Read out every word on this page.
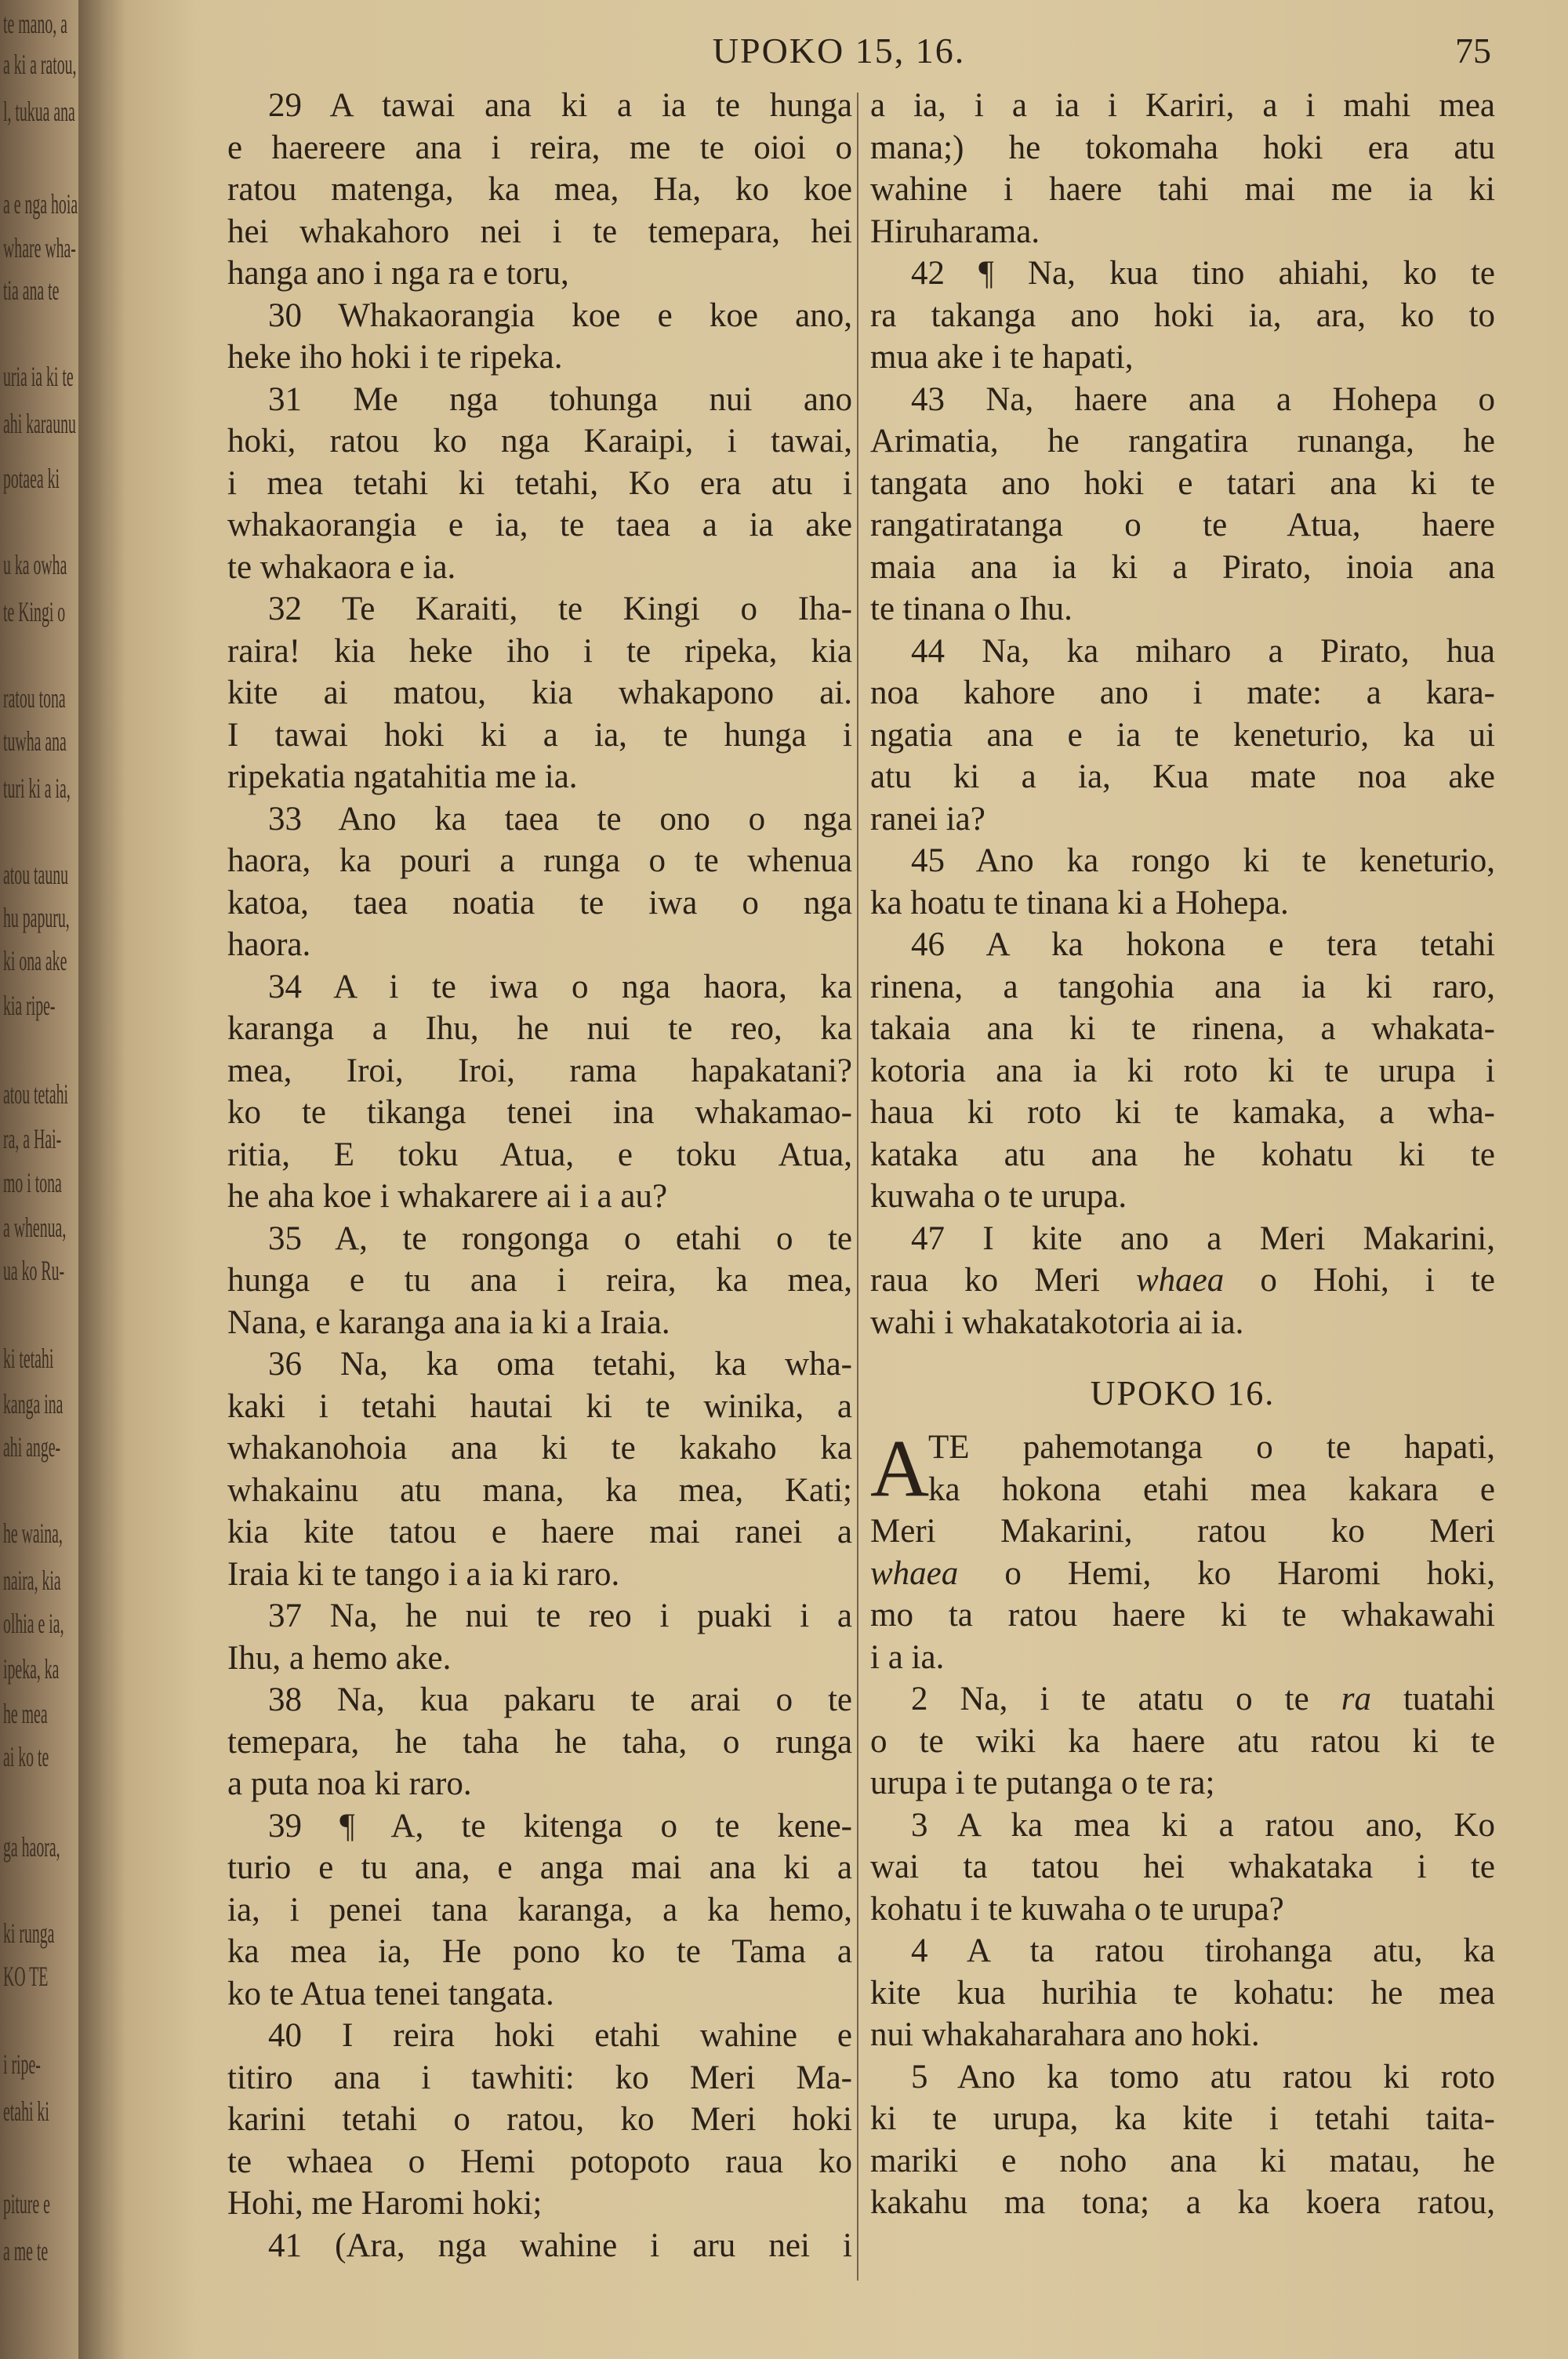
te mano, a
a ki a ratou,
l, tukua ana
a e nga hoia
whare wha-
tia ana te
uria ia ki te
ahi karaunu
potaea ki
u ka owha
te Kingi o
ratou tona
tuwha ana
turi ki a ia,
atou taunu
hu papuru,
ki ona ake
kia ripe-
atou tetahi
ra, a Hai-
mo i tona
a whenua,
ua ko Ru-
ki tetahi
kanga ina
ahi ange-
he waina,
naira, kia
olhia e ia,
ipeka, ka
he mea
ai ko te
ga haora,
ki runga
KO TE
i ripe-
etahi ki
piture e
a me te
UPOKO 15, 16.	75
29 A tawai ana ki a ia te hunga
e haereere ana i reira, me te oioi o
ratou matenga, ka mea, Ha, ko koe
hei whakahoro nei i te temepara, hei
hanga ano i nga ra e toru,
30 Whakaorangia koe e koe ano,
heke iho hoki i te ripeka.
31 Me nga tohunga nui ano
hoki, ratou ko nga Karaipi, i tawai,
i mea tetahi ki tetahi, Ko era atu i
whakaorangia e ia, te taea a ia ake
te whakaora e ia.
32 Te Karaiti, te Kingi o Iha-
raira! kia heke iho i te ripeka, kia
kite ai matou, kia whakapono ai.
I tawai hoki ki a ia, te hunga i
ripekatia ngatahitia me ia.
33 Ano ka taea te ono o nga
haora, ka pouri a runga o te whenua
katoa, taea noatia te iwa o nga
haora.
34 A i te iwa o nga haora, ka
karanga a Ihu, he nui te reo, ka
mea, Iroi, Iroi, rama hapakatani?
ko te tikanga tenei ina whakamao-
ritia, E toku Atua, e toku Atua,
he aha koe i whakarere ai i a au?
35 A, te rongonga o etahi o te
hunga e tu ana i reira, ka mea,
Nana, e karanga ana ia ki a Iraia.
36 Na, ka oma tetahi, ka wha-
kaki i tetahi hautai ki te winika, a
whakanohoia ana ki te kakaho ka
whakainu atu mana, ka mea, Kati;
kia kite tatou e haere mai ranei a
Iraia ki te tango i a ia ki raro.
37 Na, he nui te reo i puaki i a
Ihu, a hemo ake.
38 Na, kua pakaru te arai o te
temepara, he taha he taha, o runga
a puta noa ki raro.
39 ¶ A, te kitenga o te kene-
turio e tu ana, e anga mai ana ki a
ia, i penei tana karanga, a ka hemo,
ka mea ia, He pono ko te Tama a
ko te Atua tenei tangata.
40 I reira hoki etahi wahine e
titiro ana i tawhiti: ko Meri Ma-
karini tetahi o ratou, ko Meri hoki
te whaea o Hemi potopoto raua ko
Hohi, me Haromi hoki;
41 (Ara, nga wahine i aru nei i
a ia, i a ia i Kariri, a i mahi mea
mana;) he tokomaha hoki era atu
wahine i haere tahi mai me ia ki
Hiruharama.
42 ¶ Na, kua tino ahiahi, ko te
ra takanga ano hoki ia, ara, ko to
mua ake i te hapati,
43 Na, haere ana a Hohepa o
Arimatia, he rangatira runanga, he
tangata ano hoki e tatari ana ki te
rangatiratanga o te Atua, haere
maia ana ia ki a Pirato, inoia ana
te tinana o Ihu.
44 Na, ka miharo a Pirato, hua
noa kahore ano i mate: a kara-
ngatia ana e ia te keneturio, ka ui
atu ki a ia, Kua mate noa ake
ranei ia?
45 Ano ka rongo ki te keneturio,
ka hoatu te tinana ki a Hohepa.
46 A ka hokona e tera tetahi
rinena, a tangohia ana ia ki raro,
takaia ana ki te rinena, a whakata-
kotoria ana ia ki roto ki te urupa i
haua ki roto ki te kamaka, a wha-
kataka atu ana he kohatu ki te
kuwaha o te urupa.
47 I kite ano a Meri Makarini,
raua ko Meri whaea o Hohi, i te
wahi i whakatakotoria ai ia.
UPOKO 16.
A
TE pahemotanga o te hapati,
ka hokona etahi mea kakara e
Meri Makarini, ratou ko Meri
whaea o Hemi, ko Haromi hoki,
mo ta ratou haere ki te whakawahi
i a ia.
2 Na, i te atatu o te ra tuatahi
o te wiki ka haere atu ratou ki te
urupa i te putanga o te ra;
3 A ka mea ki a ratou ano, Ko
wai ta tatou hei whakataka i te
kohatu i te kuwaha o te urupa?
4 A ta ratou tirohanga atu, ka
kite kua hurihia te kohatu: he mea
nui whakaharahara ano hoki.
5 Ano ka tomo atu ratou ki roto
ki te urupa, ka kite i tetahi taita-
mariki e noho ana ki matau, he
kakahu ma tona; a ka koera ratou,
